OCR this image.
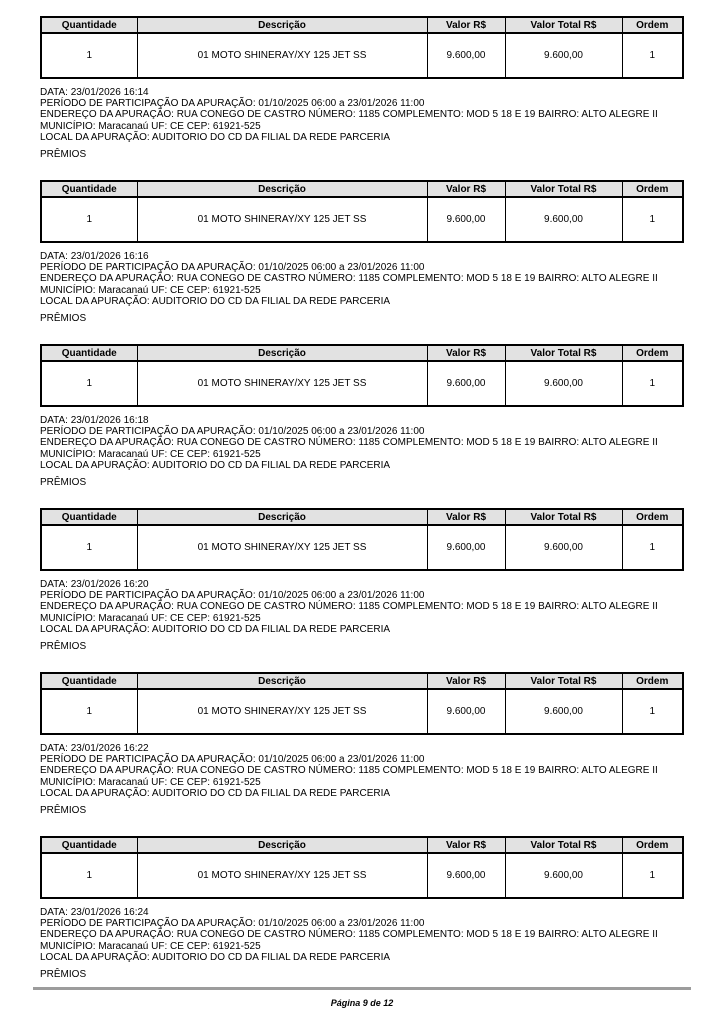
Quantidade	Descrição	Valor R$	Valor Total R$	Ordem
1	01 MOTO SHINERAY/XY 125 JET SS	9.600,00	9.600,00	1
DATA: 23/01/2026 16:14
PERÍODO DE PARTICIPAÇÃO DA APURAÇÃO: 01/10/2025 06:00 a 23/01/2026 11:00
ENDEREÇO DA APURAÇÃO: RUA CONEGO DE CASTRO NÚMERO: 1185 COMPLEMENTO: MOD 5 18 E 19 BAIRRO: ALTO ALEGRE II
MUNICÍPIO: Maracanaú UF: CE CEP: 61921-525
LOCAL DA APURAÇÃO: AUDITORIO DO CD DA FILIAL DA REDE PARCERIA
PRÊMIOS
Quantidade	Descrição	Valor R$	Valor Total R$	Ordem
1	01 MOTO SHINERAY/XY 125 JET SS	9.600,00	9.600,00	1
DATA: 23/01/2026 16:16
PERÍODO DE PARTICIPAÇÃO DA APURAÇÃO: 01/10/2025 06:00 a 23/01/2026 11:00
ENDEREÇO DA APURAÇÃO: RUA CONEGO DE CASTRO NÚMERO: 1185 COMPLEMENTO: MOD 5 18 E 19 BAIRRO: ALTO ALEGRE II
MUNICÍPIO: Maracanaú UF: CE CEP: 61921-525
LOCAL DA APURAÇÃO: AUDITORIO DO CD DA FILIAL DA REDE PARCERIA
PRÊMIOS
Quantidade	Descrição	Valor R$	Valor Total R$	Ordem
1	01 MOTO SHINERAY/XY 125 JET SS	9.600,00	9.600,00	1
DATA: 23/01/2026 16:18
PERÍODO DE PARTICIPAÇÃO DA APURAÇÃO: 01/10/2025 06:00 a 23/01/2026 11:00
ENDEREÇO DA APURAÇÃO: RUA CONEGO DE CASTRO NÚMERO: 1185 COMPLEMENTO: MOD 5 18 E 19 BAIRRO: ALTO ALEGRE II
MUNICÍPIO: Maracanaú UF: CE CEP: 61921-525
LOCAL DA APURAÇÃO: AUDITORIO DO CD DA FILIAL DA REDE PARCERIA
PRÊMIOS
Quantidade	Descrição	Valor R$	Valor Total R$	Ordem
1	01 MOTO SHINERAY/XY 125 JET SS	9.600,00	9.600,00	1
DATA: 23/01/2026 16:20
PERÍODO DE PARTICIPAÇÃO DA APURAÇÃO: 01/10/2025 06:00 a 23/01/2026 11:00
ENDEREÇO DA APURAÇÃO: RUA CONEGO DE CASTRO NÚMERO: 1185 COMPLEMENTO: MOD 5 18 E 19 BAIRRO: ALTO ALEGRE II
MUNICÍPIO: Maracanaú UF: CE CEP: 61921-525
LOCAL DA APURAÇÃO: AUDITORIO DO CD DA FILIAL DA REDE PARCERIA
PRÊMIOS
Quantidade	Descrição	Valor R$	Valor Total R$	Ordem
1	01 MOTO SHINERAY/XY 125 JET SS	9.600,00	9.600,00	1
DATA: 23/01/2026 16:22
PERÍODO DE PARTICIPAÇÃO DA APURAÇÃO: 01/10/2025 06:00 a 23/01/2026 11:00
ENDEREÇO DA APURAÇÃO: RUA CONEGO DE CASTRO NÚMERO: 1185 COMPLEMENTO: MOD 5 18 E 19 BAIRRO: ALTO ALEGRE II
MUNICÍPIO: Maracanaú UF: CE CEP: 61921-525
LOCAL DA APURAÇÃO: AUDITORIO DO CD DA FILIAL DA REDE PARCERIA
PRÊMIOS
Quantidade	Descrição	Valor R$	Valor Total R$	Ordem
1	01 MOTO SHINERAY/XY 125 JET SS	9.600,00	9.600,00	1
DATA: 23/01/2026 16:24
PERÍODO DE PARTICIPAÇÃO DA APURAÇÃO: 01/10/2025 06:00 a 23/01/2026 11:00
ENDEREÇO DA APURAÇÃO: RUA CONEGO DE CASTRO NÚMERO: 1185 COMPLEMENTO: MOD 5 18 E 19 BAIRRO: ALTO ALEGRE II
MUNICÍPIO: Maracanaú UF: CE CEP: 61921-525
LOCAL DA APURAÇÃO: AUDITORIO DO CD DA FILIAL DA REDE PARCERIA
PRÊMIOS
Página 9 de 12
